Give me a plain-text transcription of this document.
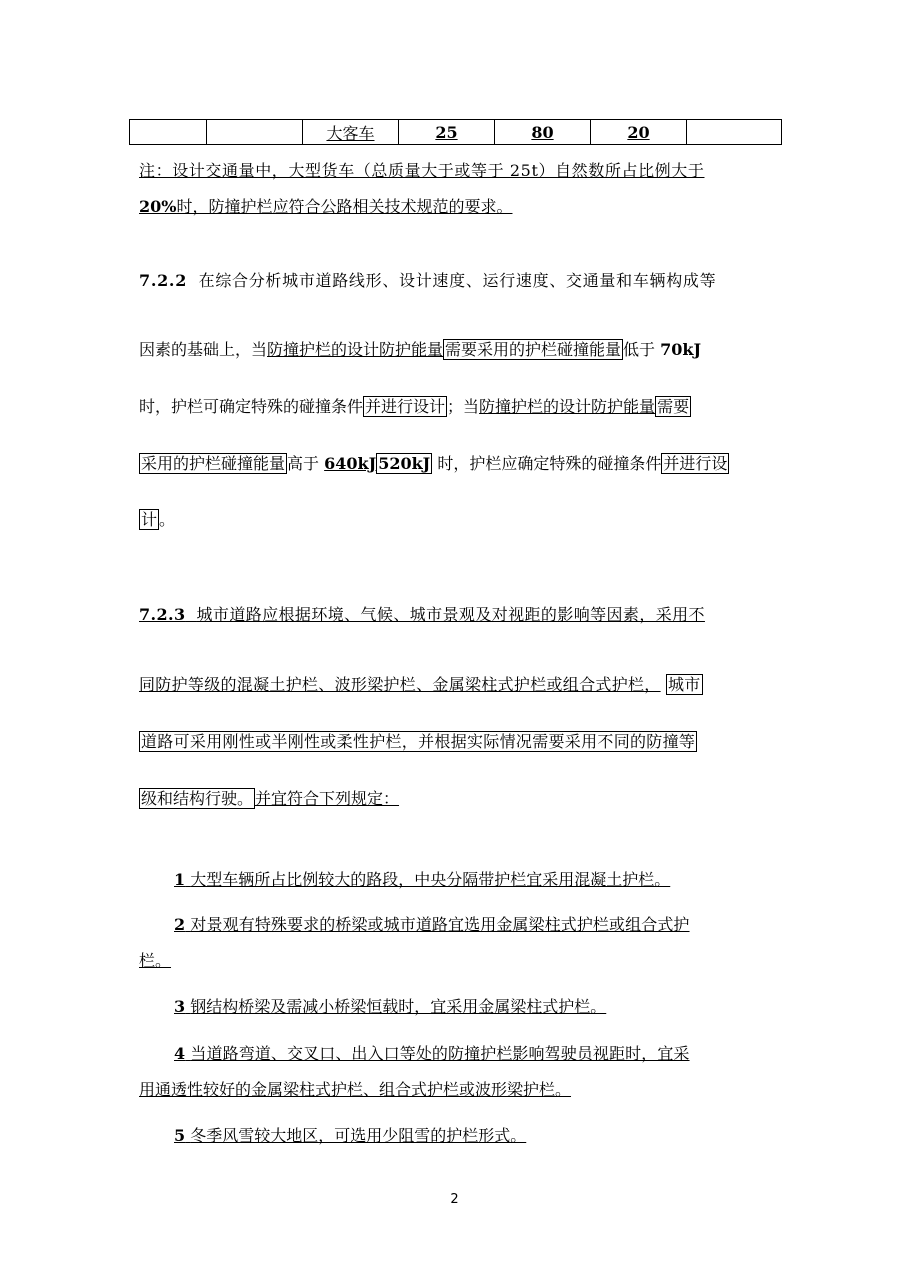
		大客车	25	80	20	
注：设计交通量中，大型货车（总质量大于或等于 25t）自然数所占比例大于
20%时，防撞护栏应符合公路相关技术规范的要求。
7.2.2 在综合分析城市道路线形、设计速度、运行速度、交通量和车辆构成等
因素的基础上，当防撞护栏的设计防护能量 需要采用的护栏碰撞能量 低于 70kJ
时，护栏可确定特殊的碰撞条件 并进行设计 ；当防撞护栏的设计防护能量 需要
采用的护栏碰撞能量 高于 640kJ 520kJ 时，护栏应确定特殊的碰撞条件 并进行设
计 。
7.2.3 城市道路应根据环境、气候、城市景观及对视距的影响等因素，采用不
同防护等级的混凝土护栏、波形梁护栏、金属梁柱式护栏或组合式护栏， 城市
道路可采用刚性或半刚性或柔性护栏，并根据实际情况需要采用不同的防撞等
级和结构行驶。 并宜符合下列规定：
1 大型车辆所占比例较大的路段，中央分隔带护栏宜采用混凝土护栏。
2 对景观有特殊要求的桥梁或城市道路宜选用金属梁柱式护栏或组合式护
栏。
3 钢结构桥梁及需减小桥梁恒载时，宜采用金属梁柱式护栏。
4 当道路弯道、交叉口、出入口等处的防撞护栏影响驾驶员视距时，宜采
用通透性较好的金属梁柱式护栏、组合式护栏或波形梁护栏。
5 冬季风雪较大地区，可选用少阻雪的护栏形式。
2
